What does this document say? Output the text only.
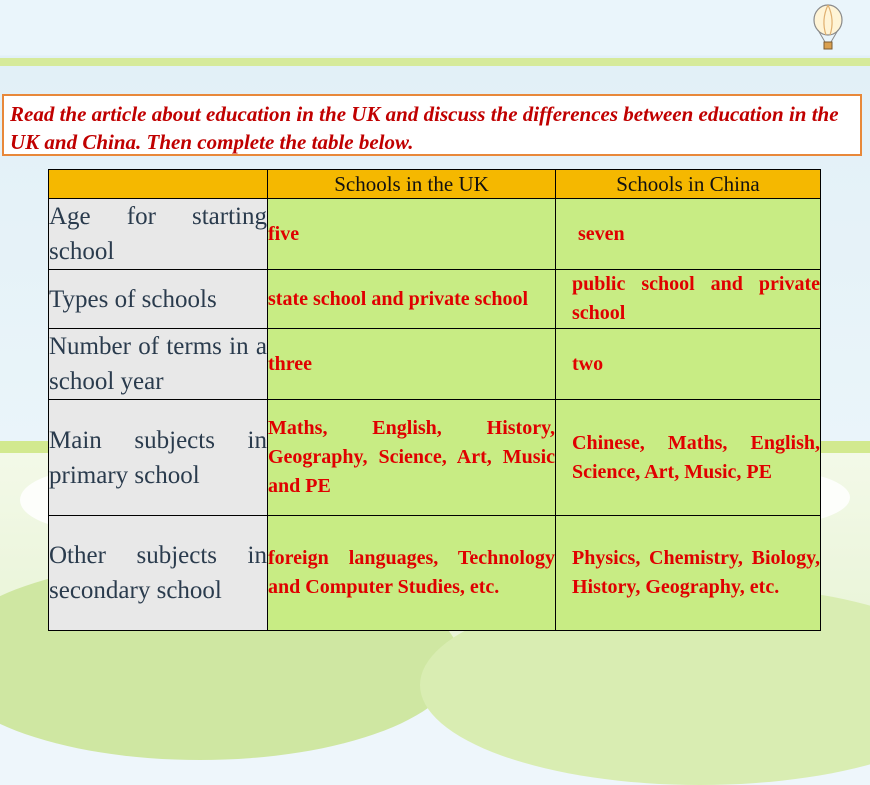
Read the article about education in the UK and discuss the differences between education in the UK and China. Then complete the table below.
	Schools in the UK	Schools in China
Age for starting school	five	seven
Types of schools	state school and private school	public school and private school
Number of terms in a school year	three	two
Main subjects in primary school	Maths, English, History, Geography, Science, Art, Music and PE	Chinese, Maths, English, Science, Art, Music, PE
Other subjects in secondary school	foreign languages, Technology and Computer Studies, etc.	Physics, Chemistry, Biology, History, Geography, etc.
